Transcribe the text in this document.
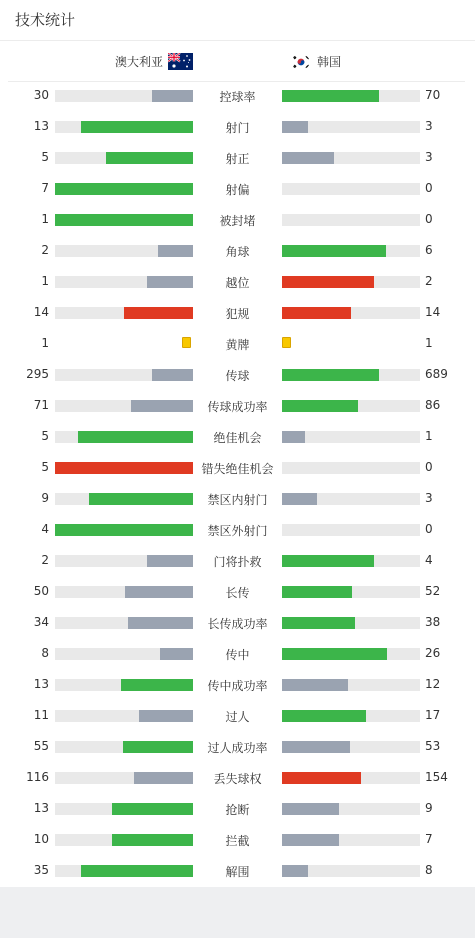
技术统计
澳大利亚	韩国
30	控球率	70
13	射门	3
5	射正	3
7	射偏	0
1	被封堵	0
2	角球	6
1	越位	2
14	犯规	14
1	黄牌	1
295	传球	689
71	传球成功率	86
5	绝佳机会	1
5	错失绝佳机会	0
9	禁区内射门	3
4	禁区外射门	0
2	门将扑救	4
50	长传	52
34	长传成功率	38
8	传中	26
13	传中成功率	12
11	过人	17
55	过人成功率	53
116	丢失球权	154
13	抢断	9
10	拦截	7
35	解围	8
